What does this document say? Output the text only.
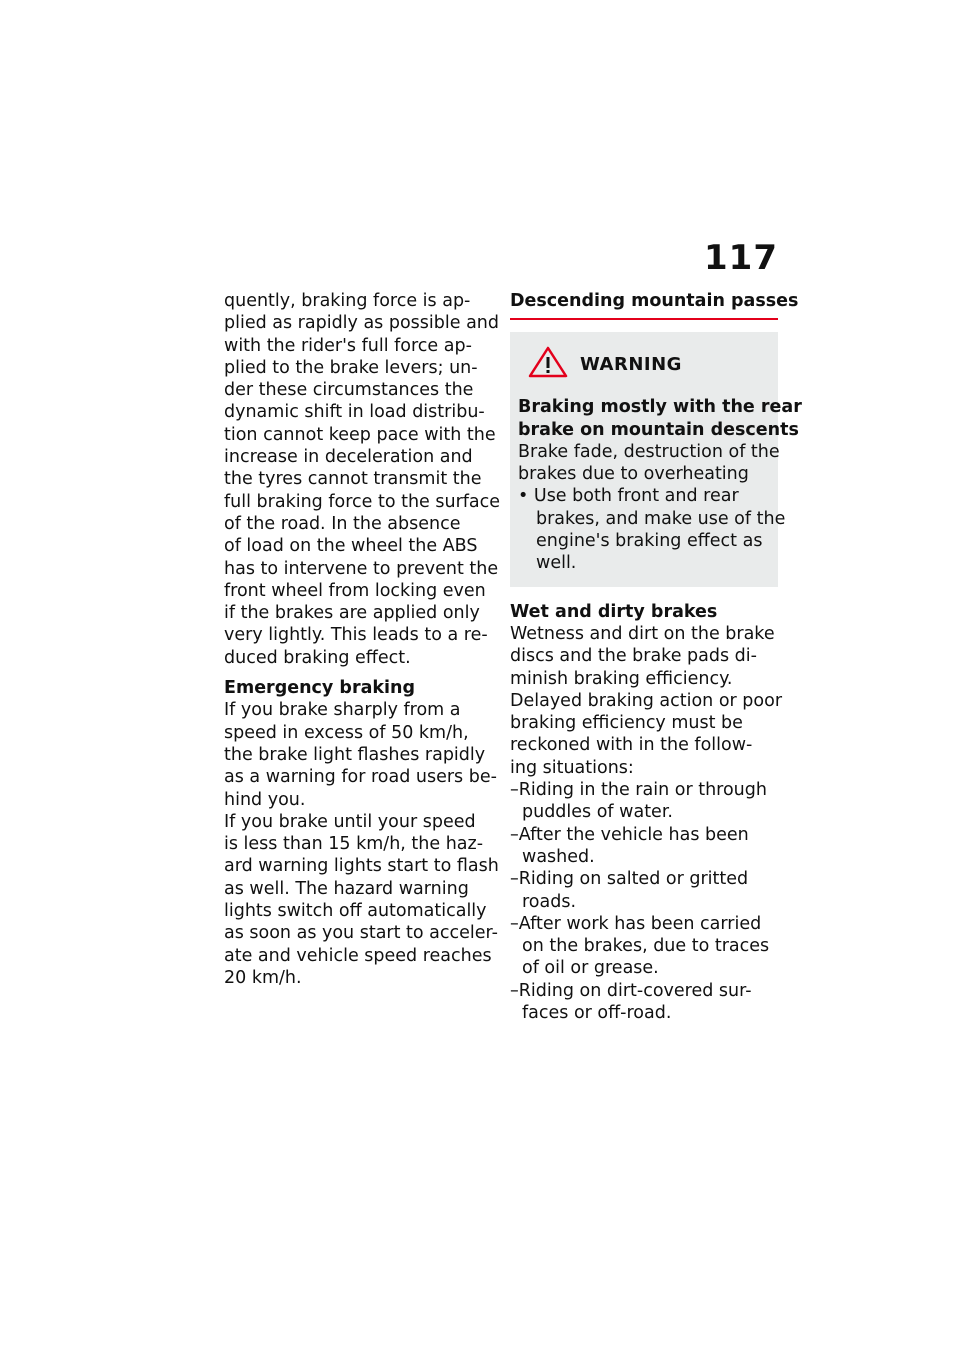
117
quently, braking force is ap-
plied as rapidly as possible and
with the rider's full force ap-
plied to the brake levers; un-
der these circumstances the
dynamic shift in load distribu-
tion cannot keep pace with the
increase in deceleration and
the tyres cannot transmit the
full braking force to the surface
of the road. In the absence
of load on the wheel the ABS
has to intervene to prevent the
front wheel from locking even
if the brakes are applied only
very lightly. This leads to a re-
duced braking effect.
Emergency braking
If you brake sharply from a
speed in excess of 50 km/h,
the brake light flashes rapidly
as a warning for road users be-
hind you.
If you brake until your speed
is less than 15 km/h, the haz-
ard warning lights start to flash
as well. The hazard warning
lights switch off automatically
as soon as you start to acceler-
ate and vehicle speed reaches
20 km/h.
Descending mountain passes
WARNING
Braking mostly with the rear
brake on mountain descents
Brake fade, destruction of the
brakes due to overheating
• Use both front and rear
brakes, and make use of the
engine's braking effect as
well.
Wet and dirty brakes
Wetness and dirt on the brake
discs and the brake pads di-
minish braking efficiency.
Delayed braking action or poor
braking efficiency must be
reckoned with in the follow-
ing situations:
–Riding in the rain or through
puddles of water.
–After the vehicle has been
washed.
–Riding on salted or gritted
roads.
–After work has been carried
on the brakes, due to traces
of oil or grease.
–Riding on dirt-covered sur-
faces or off-road.
